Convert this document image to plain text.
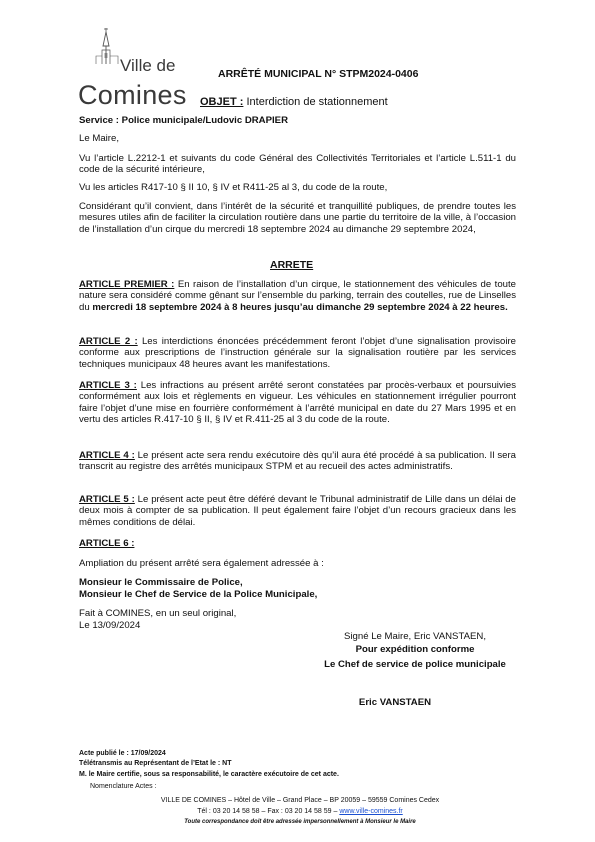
Ville de
Comines
ARRÊTÉ MUNICIPAL N° STPM2024-0406
OBJET : Interdiction de stationnement
Service : Police municipale/Ludovic DRAPIER
Le Maire,
Vu l’article L.2212-1 et suivants du code Général des Collectivités Territoriales et l’article L.511-1 du code de la sécurité intérieure,
Vu les articles R417-10 § II 10, § IV et R411-25 al 3, du code de la route,
Considérant qu’il convient, dans l’intérêt de la sécurité et tranquillité publiques, de prendre toutes les mesures utiles afin de faciliter la circulation routière dans une partie du territoire de la ville, à l’occasion de l’installation d’un cirque du mercredi 18 septembre 2024 au dimanche 29 septembre 2024,
ARRETE
ARTICLE PREMIER : En raison de l’installation d’un cirque, le stationnement des véhicules de toute nature sera considéré comme gênant sur l’ensemble du parking, terrain des coutelles, rue de Linselles du mercredi 18 septembre 2024 à 8 heures jusqu’au dimanche 29 septembre 2024 à 22 heures.
ARTICLE 2 : Les interdictions énoncées précédemment feront l’objet d’une signalisation provisoire conforme aux prescriptions de l’instruction générale sur la signalisation routière par les services techniques municipaux 48 heures avant les manifestations.
ARTICLE 3 : Les infractions au présent arrêté seront constatées par procès-verbaux et poursuivies conformément aux lois et règlements en vigueur. Les véhicules en stationnement irrégulier pourront faire l’objet d’une mise en fourrière conformément à l’arrêté municipal en date du 27 Mars 1995 et en vertu des articles R.417-10 § II, § IV et R.411-25 al 3 du code de la route.
ARTICLE 4 : Le présent acte sera rendu exécutoire dès qu’il aura été procédé à sa publication. Il sera transcrit au registre des arrêtés municipaux STPM et au recueil des actes administratifs.
ARTICLE 5 : Le présent acte peut être déféré devant le Tribunal administratif de Lille dans un délai de deux mois à compter de sa publication. Il peut également faire l’objet d’un recours gracieux dans les mêmes conditions de délai.
ARTICLE 6 :
Ampliation du présent arrêté sera également adressée à :
Monsieur le Commissaire de Police,
Monsieur le Chef de Service de la Police Municipale,
Fait à COMINES, en un seul original,
Le 13/09/2024
Signé Le Maire, Eric VANSTAEN,
Pour expédition conforme
Le Chef de service de police municipale
Eric VANSTAEN
Acte publié le : 17/09/2024
Télétransmis au Représentant de l’Etat le : NT
M. le Maire certifie, sous sa responsabilité, le caractère exécutoire de cet acte.
Nomenclature Actes :
VILLE DE COMINES – Hôtel de Ville – Grand Place – BP 20059 – 59559 Comines Cedex
Tél : 03 20 14 58 58 – Fax : 03 20 14 58 59 – www.ville-comines.fr
Toute correspondance doit être adressée impersonnellement à Monsieur le Maire
